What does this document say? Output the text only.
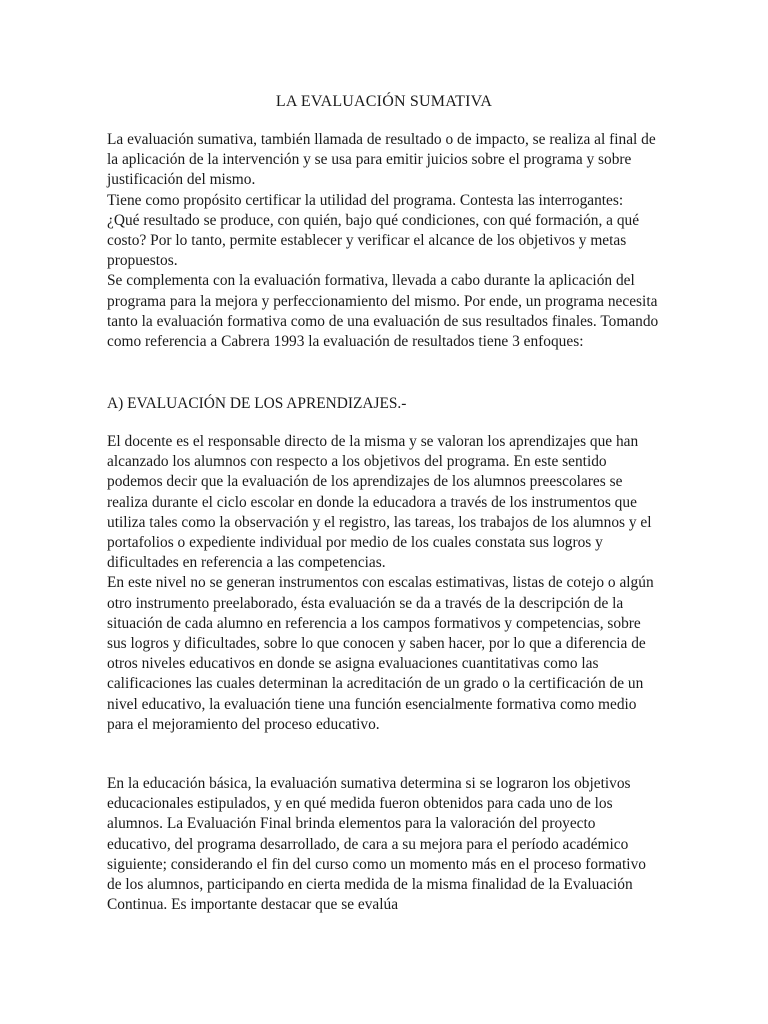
LA EVALUACIÓN SUMATIVA

La evaluación sumativa, también llamada de resultado o de impacto, se realiza al final de la aplicación de la intervención y se usa para emitir juicios sobre el programa y sobre justificación del mismo.

Tiene como propósito certificar la utilidad del programa. Contesta las interrogantes: ¿Qué resultado se produce, con quién, bajo qué condiciones, con qué formación, a qué costo? Por lo tanto, permite establecer y verificar el alcance de los objetivos y metas propuestos.

Se complementa con la evaluación formativa, llevada a cabo durante la aplicación del programa para la mejora y perfeccionamiento del mismo. Por ende, un programa necesita tanto la evaluación formativa como de una evaluación de sus resultados finales. Tomando como referencia a Cabrera 1993 la evaluación de resultados tiene 3 enfoques:

A) EVALUACIÓN DE LOS APRENDIZAJES.-

El docente es el responsable directo de la misma y se valoran los aprendizajes que han alcanzado los alumnos con respecto a los objetivos del programa. En este sentido podemos decir que la evaluación de los aprendizajes de los alumnos preescolares se realiza durante el ciclo escolar en donde la educadora a través de los instrumentos que utiliza tales como la observación y el registro, las tareas, los trabajos de los alumnos y el portafolios o expediente individual por medio de los cuales constata sus logros y dificultades en referencia a las competencias.

En este nivel no se generan instrumentos con escalas estimativas, listas de cotejo o algún otro instrumento preelaborado, ésta evaluación se da a través de la descripción de la situación de cada alumno en referencia a los campos formativos y competencias, sobre sus logros y dificultades, sobre lo que conocen y saben hacer, por lo que a diferencia de otros niveles educativos en donde se asigna evaluaciones cuantitativas como las calificaciones las cuales determinan la acreditación de un grado o la certificación de un nivel educativo, la evaluación tiene una función esencialmente formativa como medio para el mejoramiento del proceso educativo.

En la educación básica, la evaluación sumativa determina si se lograron los objetivos educacionales estipulados, y en qué medida fueron obtenidos para cada uno de los alumnos. La Evaluación Final brinda elementos para la valoración del proyecto educativo, del programa desarrollado, de cara a su mejora para el período académico siguiente; considerando el fin del curso como un momento más en el proceso formativo de los alumnos, participando en cierta medida de la misma finalidad de la Evaluación Continua. Es importante destacar que se evalúa
